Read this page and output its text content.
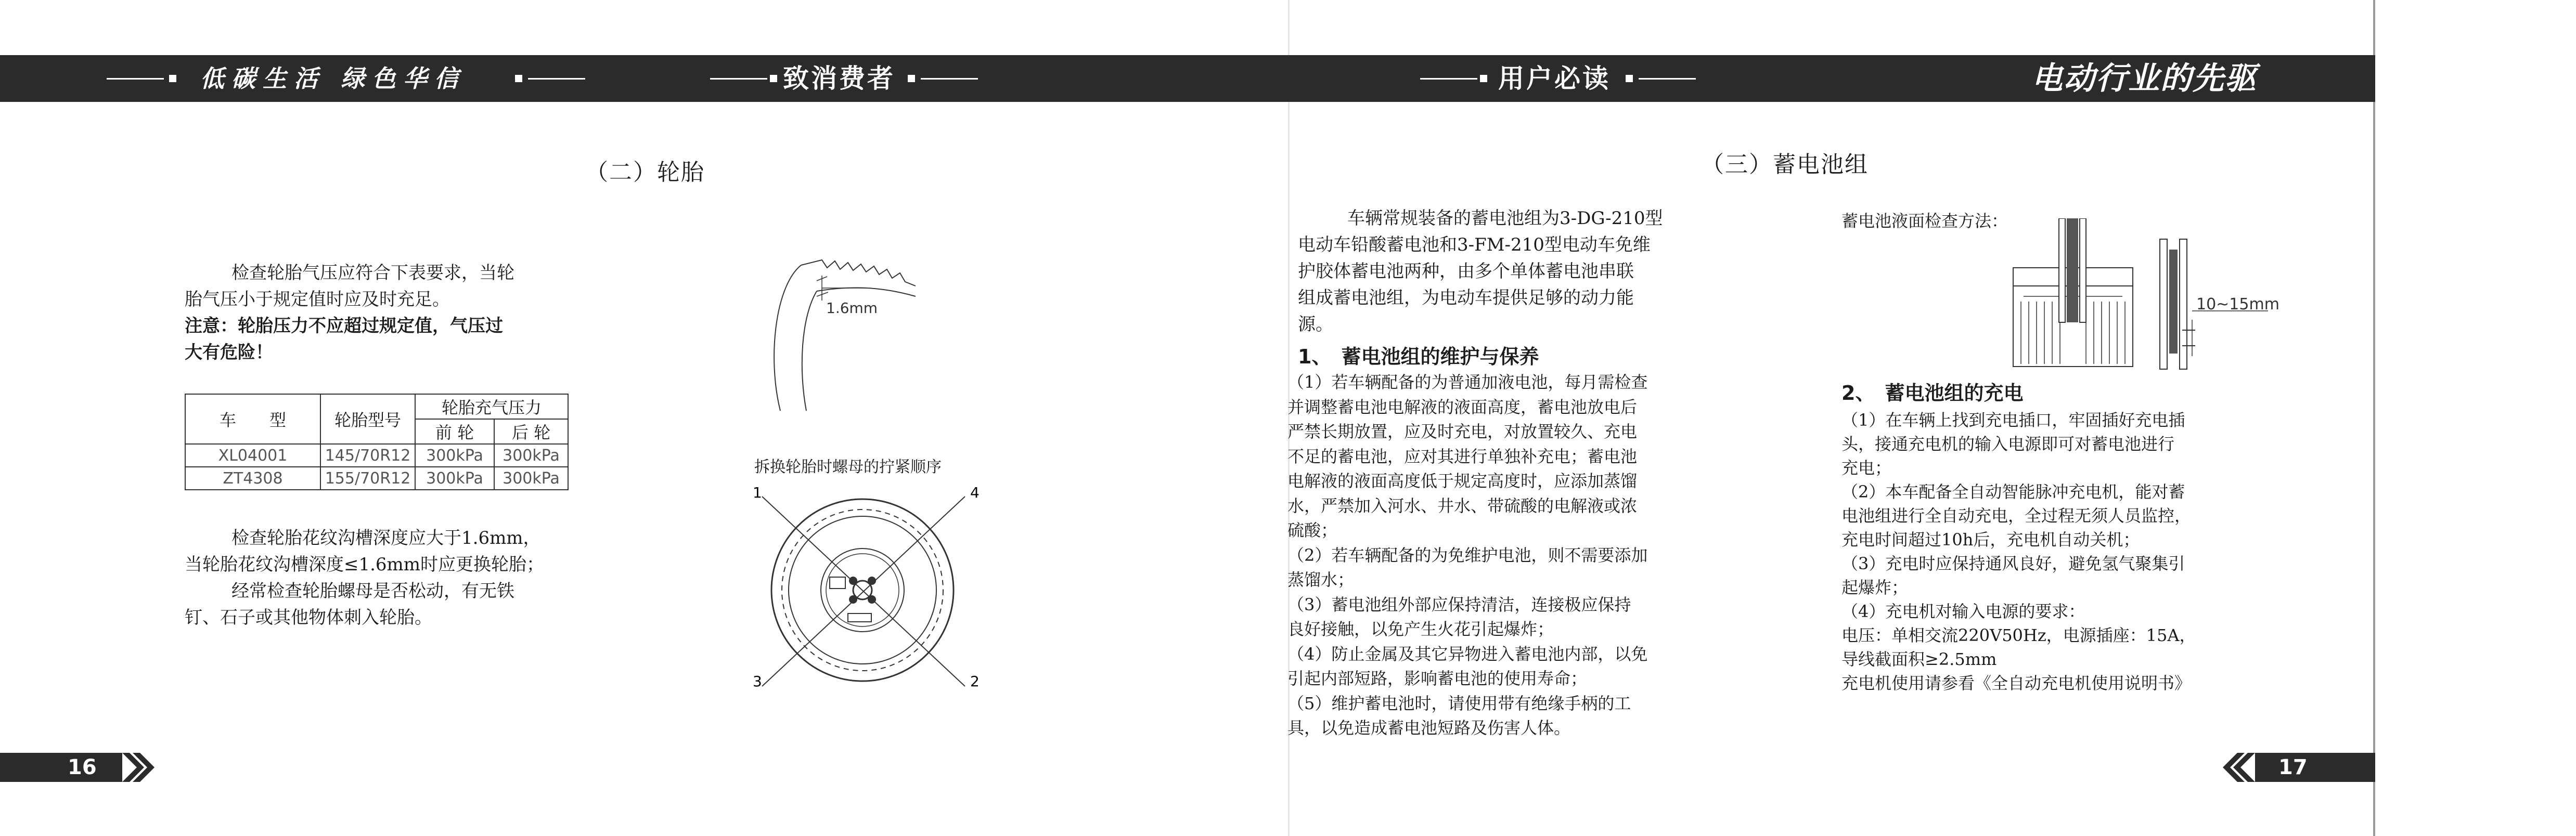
低碳生活 绿色华信	致消费者	用户必读	电动行业的先驱
（二）轮胎
检查轮胎气压应符合下表要求，当轮
胎气压小于规定值时应及时充足。
注意：轮胎压力不应超过规定值，气压过
大有危险！
车　　型	轮胎型号	轮胎充气压力	
		前 轮	后 轮
XL04001	145/70R12	300kPa	300kPa
ZT4308	155/70R12	300kPa	300kPa
检查轮胎花纹沟槽深度应大于1.6mm，
当轮胎花纹沟槽深度≤1.6mm时应更换轮胎；
经常检查轮胎螺母是否松动，有无铁
钉、石子或其他物体刺入轮胎。
1.6mm
拆换轮胎时螺母的拧紧顺序
1
2
3
4
16
（三）蓄电池组
车辆常规装备的蓄电池组为3-DG-210型
电动车铅酸蓄电池和3-FM-210型电动车免维
护胶体蓄电池两种，由多个单体蓄电池串联
组成蓄电池组，为电动车提供足够的动力能
源。
1、　蓄电池组的维护与保养
（1）若车辆配备的为普通加液电池，每月需检查
并调整蓄电池电解液的液面高度，蓄电池放电后
严禁长期放置，应及时充电，对放置较久、充电
不足的蓄电池，应对其进行单独补充电；蓄电池
电解液的液面高度低于规定高度时，应添加蒸馏
水，严禁加入河水、井水、带硫酸的电解液或浓
硫酸；
（2）若车辆配备的为免维护电池，则不需要添加
蒸馏水；
（3）蓄电池组外部应保持清洁，连接极应保持
良好接触，以免产生火花引起爆炸；
（4）防止金属及其它异物进入蓄电池内部，以免
引起内部短路，影响蓄电池的使用寿命；
（5）维护蓄电池时，请使用带有绝缘手柄的工
具，以免造成蓄电池短路及伤害人体。
蓄电池液面检查方法：
10~15mm
2、　蓄电池组的充电
（1）在车辆上找到充电插口，牢固插好充电插
头，接通充电机的输入电源即可对蓄电池进行
充电；
（2）本车配备全自动智能脉冲充电机，能对蓄
电池组进行全自动充电，全过程无须人员监控，
充电时间超过10h后，充电机自动关机；
（3）充电时应保持通风良好，避免氢气聚集引
起爆炸；
（4）充电机对输入电源的要求：
电压：单相交流220V50Hz，电源插座：15A，
导线截面积≥2.5mm
充电机使用请参看《全自动充电机使用说明书》
17
